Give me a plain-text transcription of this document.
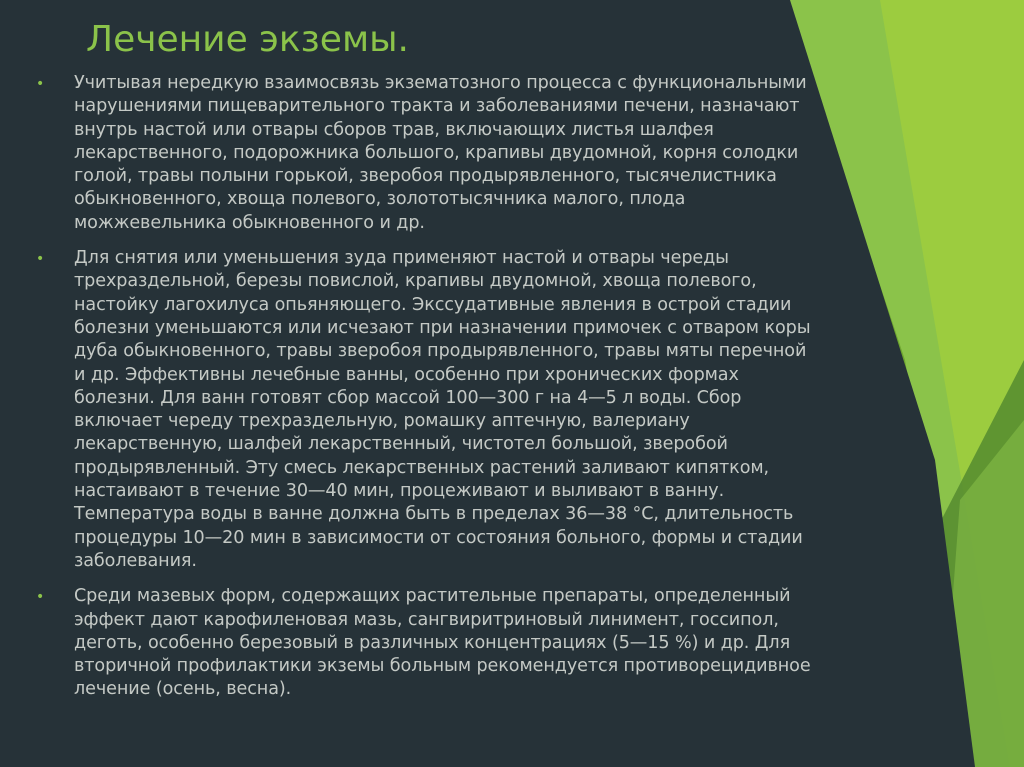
Лечение экземы.
• Учитывая нередкую взаимосвязь экзематозного процесса с функциональными
нарушениями пищеварительного тракта и заболеваниями печени, назначают
внутрь настой или отвары сборов трав, включающих листья шалфея
лекарственного, подорожника большого, крапивы двудомной, корня солодки
голой, травы полыни горькой, зверобоя продырявленного, тысячелистника
обыкновенного, хвоща полевого, золототысячника малого, плода
можжевельника обыкновенного и др.
• Для снятия или уменьшения зуда применяют настой и отвары череды
трехраздельной, березы повислой, крапивы двудомной, хвоща полевого,
настойку лагохилуса опьяняющего. Экссудативные явления в острой стадии
болезни уменьшаются или исчезают при назначении примочек с отваром коры
дуба обыкновенного, травы зверобоя продырявленного, травы мяты перечной
и др. Эффективны лечебные ванны, особенно при хронических формах
болезни. Для ванн готовят сбор массой 100—300 г на 4—5 л воды. Сбор
включает череду трехраздельную, ромашку аптечную, валериану
лекарственную, шалфей лекарственный, чистотел большой, зверобой
продырявленный. Эту смесь лекарственных растений заливают кипятком,
настаивают в течение 30—40 мин, процеживают и выливают в ванну.
Температура воды в ванне должна быть в пределах 36—38 °С, длительность
процедуры 10—20 мин в зависимости от состояния больного, формы и стадии
заболевания.
• Среди мазевых форм, содержащих растительные препараты, определенный
эффект дают карофиленовая мазь, сангвиритриновый линимент, госсипол,
деготь, особенно березовый в различных концентрациях (5—15 %) и др. Для
вторичной профилактики экземы больным рекомендуется противорецидивное
лечение (осень, весна).
